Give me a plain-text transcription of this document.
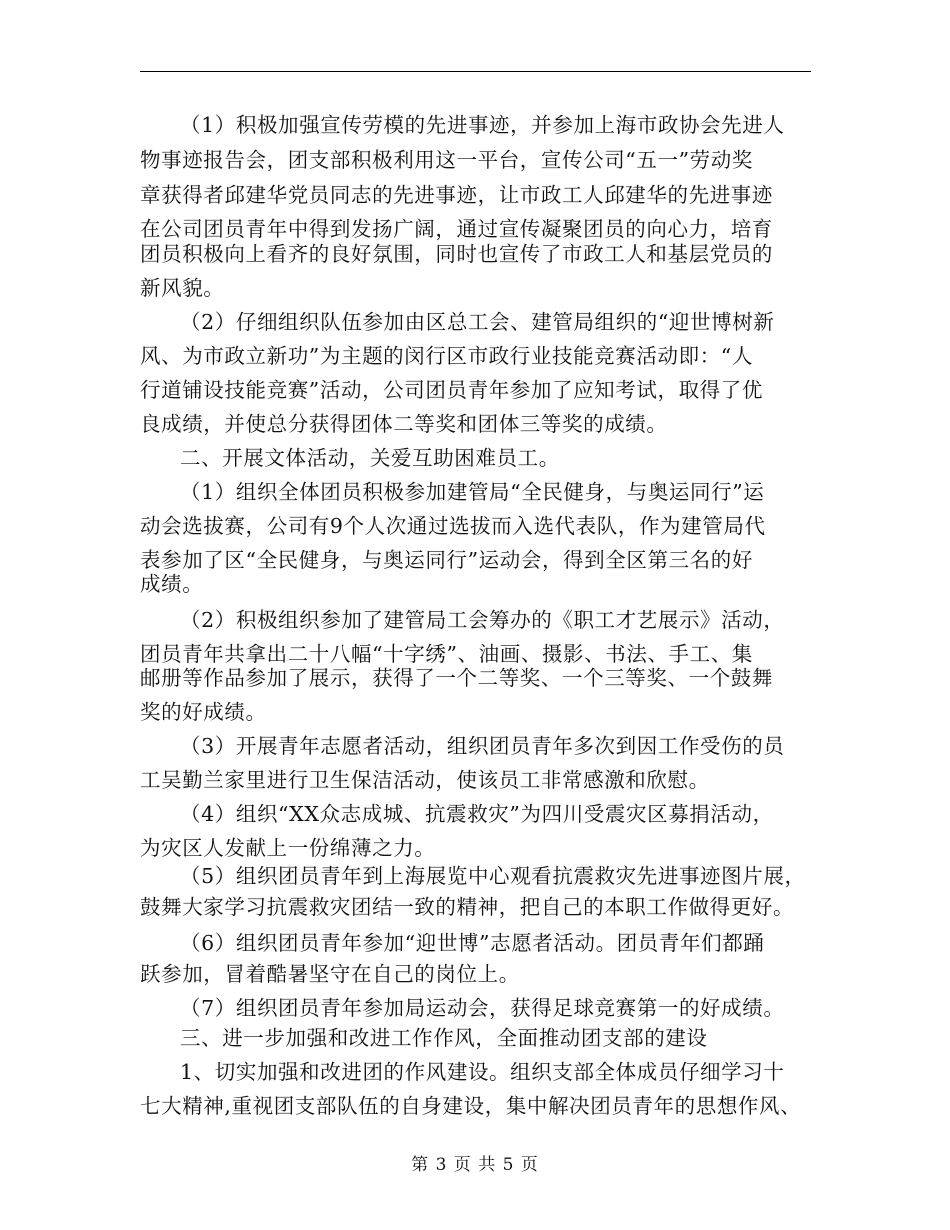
（1）积极加强宣传劳模的先进事迹，并参加上海市政协会先进人
物事迹报告会，团支部积极利用这一平台，宣传公司“五一”劳动奖
章获得者邱建华党员同志的先进事迹，让市政工人邱建华的先进事迹
在公司团员青年中得到发扬广阔，通过宣传凝聚团员的向心力，培育
团员积极向上看齐的良好氛围，同时也宣传了市政工人和基层党员的
新风貌。
（2）仔细组织队伍参加由区总工会、建管局组织的“迎世博树新
风、为市政立新功”为主题的闵行区市政行业技能竞赛活动即：“人
行道铺设技能竞赛”活动，公司团员青年参加了应知考试，取得了优
良成绩，并使总分获得团体二等奖和团体三等奖的成绩。
二、开展文体活动，关爱互助困难员工。
（1）组织全体团员积极参加建管局“全民健身，与奥运同行”运
动会选拔赛，公司有9个人次通过选拔而入选代表队，作为建管局代
表参加了区“全民健身，与奥运同行”运动会，得到全区第三名的好
成绩。
（2）积极组织参加了建管局工会筹办的《职工才艺展示》活动，
团员青年共拿出二十八幅“十字绣”、油画、摄影、书法、手工、集
邮册等作品参加了展示，获得了一个二等奖、一个三等奖、一个鼓舞
奖的好成绩。
（3）开展青年志愿者活动，组织团员青年多次到因工作受伤的员
工吴勤兰家里进行卫生保洁活动，使该员工非常感激和欣慰。
（4）组织“XX众志成城、抗震救灾”为四川受震灾区募捐活动，
为灾区人发献上一份绵薄之力。
（5）组织团员青年到上海展览中心观看抗震救灾先进事迹图片展，
鼓舞大家学习抗震救灾团结一致的精神，把自己的本职工作做得更好。
（6）组织团员青年参加“迎世博”志愿者活动。团员青年们都踊
跃参加，冒着酷暑坚守在自己的岗位上。
（7）组织团员青年参加局运动会，获得足球竞赛第一的好成绩。
三、进一步加强和改进工作作风，全面推动团支部的建设
1、切实加强和改进团的作风建设。组织支部全体成员仔细学习十
七大精神,重视团支部队伍的自身建设，集中解决团员青年的思想作风、
第 3 页 共 5 页
